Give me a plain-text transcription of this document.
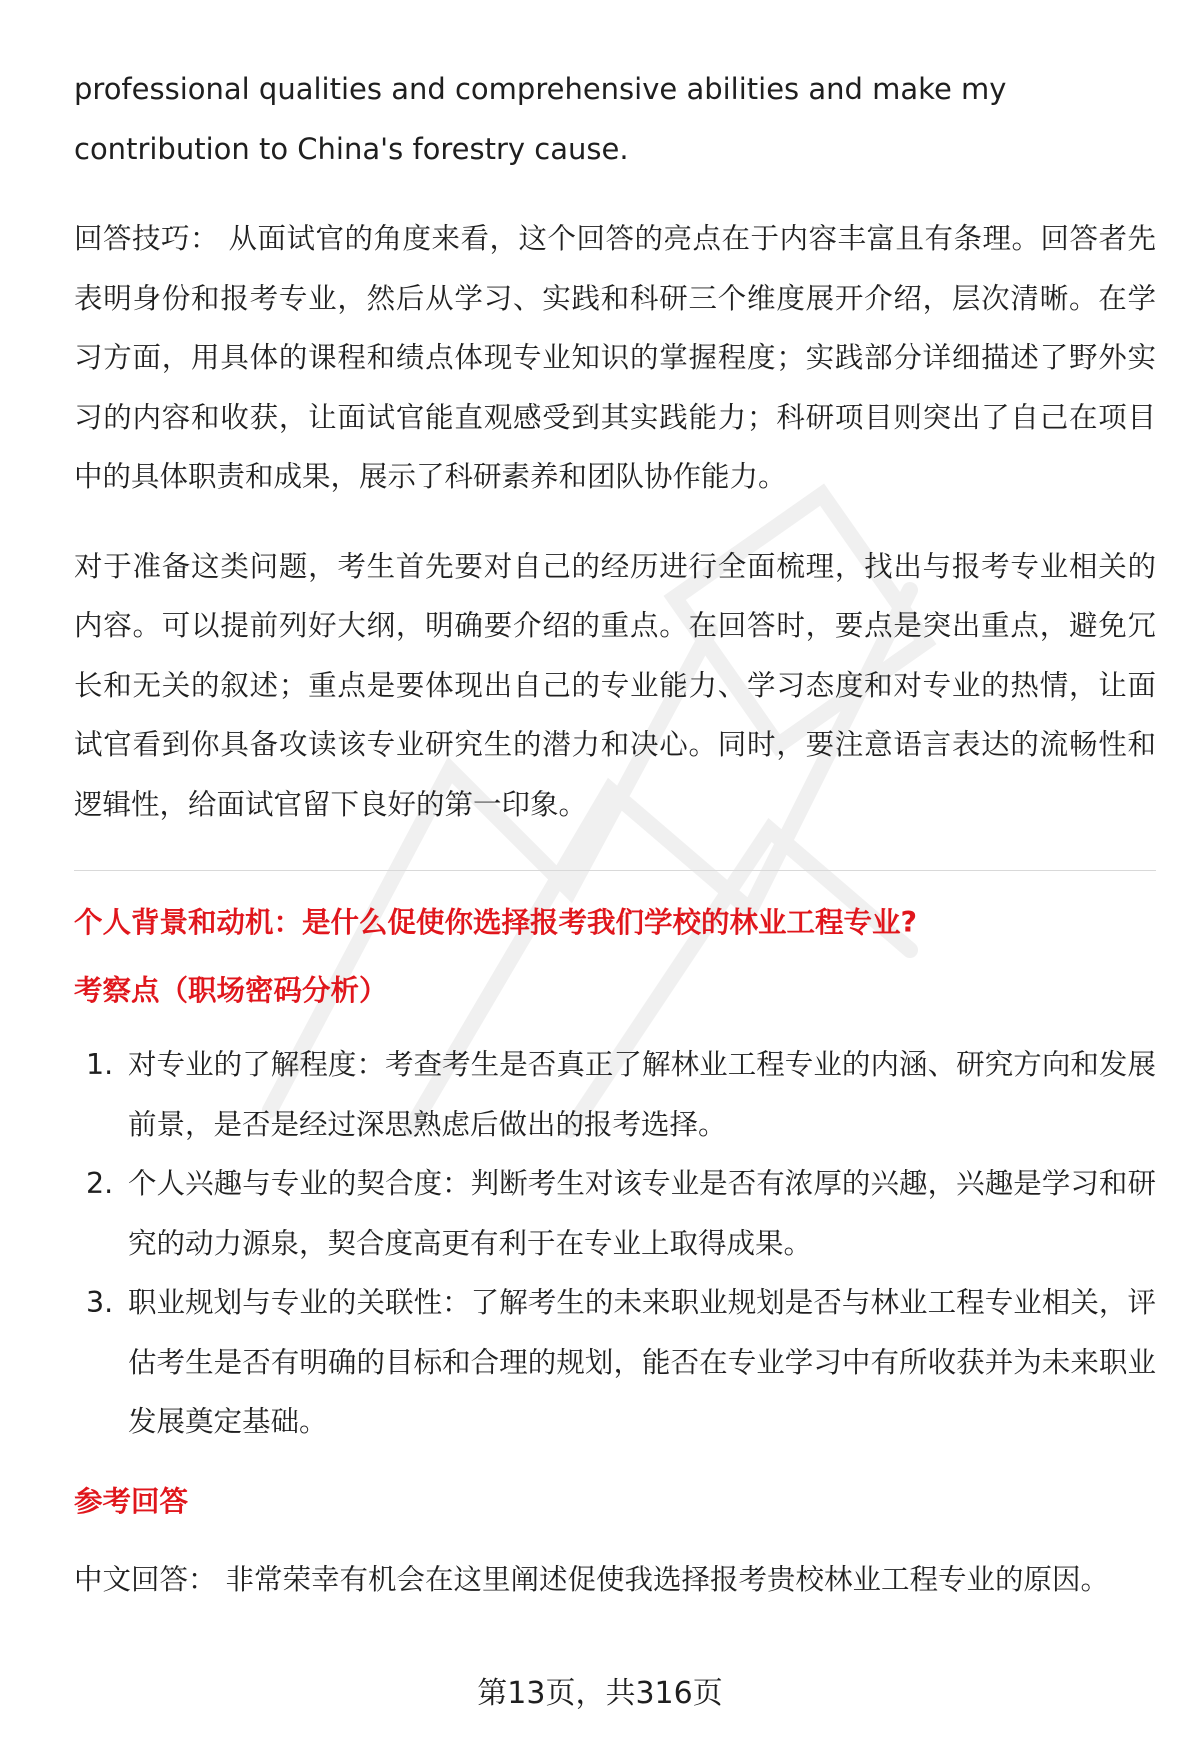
professional qualities and comprehensive abilities and make my contribution to China's forestry cause.

回答技巧： 从面试官的角度来看，这个回答的亮点在于内容丰富且有条理。回答者先表明身份和报考专业，然后从学习、实践和科研三个维度展开介绍，层次清晰。在学习方面，用具体的课程和绩点体现专业知识的掌握程度；实践部分详细描述了野外实习的内容和收获，让面试官能直观感受到其实践能力；科研项目则突出了自己在项目中的具体职责和成果，展示了科研素养和团队协作能力。

对于准备这类问题，考生首先要对自己的经历进行全面梳理，找出与报考专业相关的内容。可以提前列好大纲，明确要介绍的重点。在回答时，要点是突出重点，避免冗长和无关的叙述；重点是要体现出自己的专业能力、学习态度和对专业的热情，让面试官看到你具备攻读该专业研究生的潜力和决心。同时，要注意语言表达的流畅性和逻辑性，给面试官留下良好的第一印象。

个人背景和动机：是什么促使你选择报考我们学校的林业工程专业?
考察点（职场密码分析）
1. 对专业的了解程度：考查考生是否真正了解林业工程专业的内涵、研究方向和发展前景，是否是经过深思熟虑后做出的报考选择。
2. 个人兴趣与专业的契合度：判断考生对该专业是否有浓厚的兴趣，兴趣是学习和研究的动力源泉，契合度高更有利于在专业上取得成果。
3. 职业规划与专业的关联性：了解考生的未来职业规划是否与林业工程专业相关，评估考生是否有明确的目标和合理的规划，能否在专业学习中有所收获并为未来职业发展奠定基础。
参考回答

中文回答： 非常荣幸有机会在这里阐述促使我选择报考贵校林业工程专业的原因。

第13页，共316页
